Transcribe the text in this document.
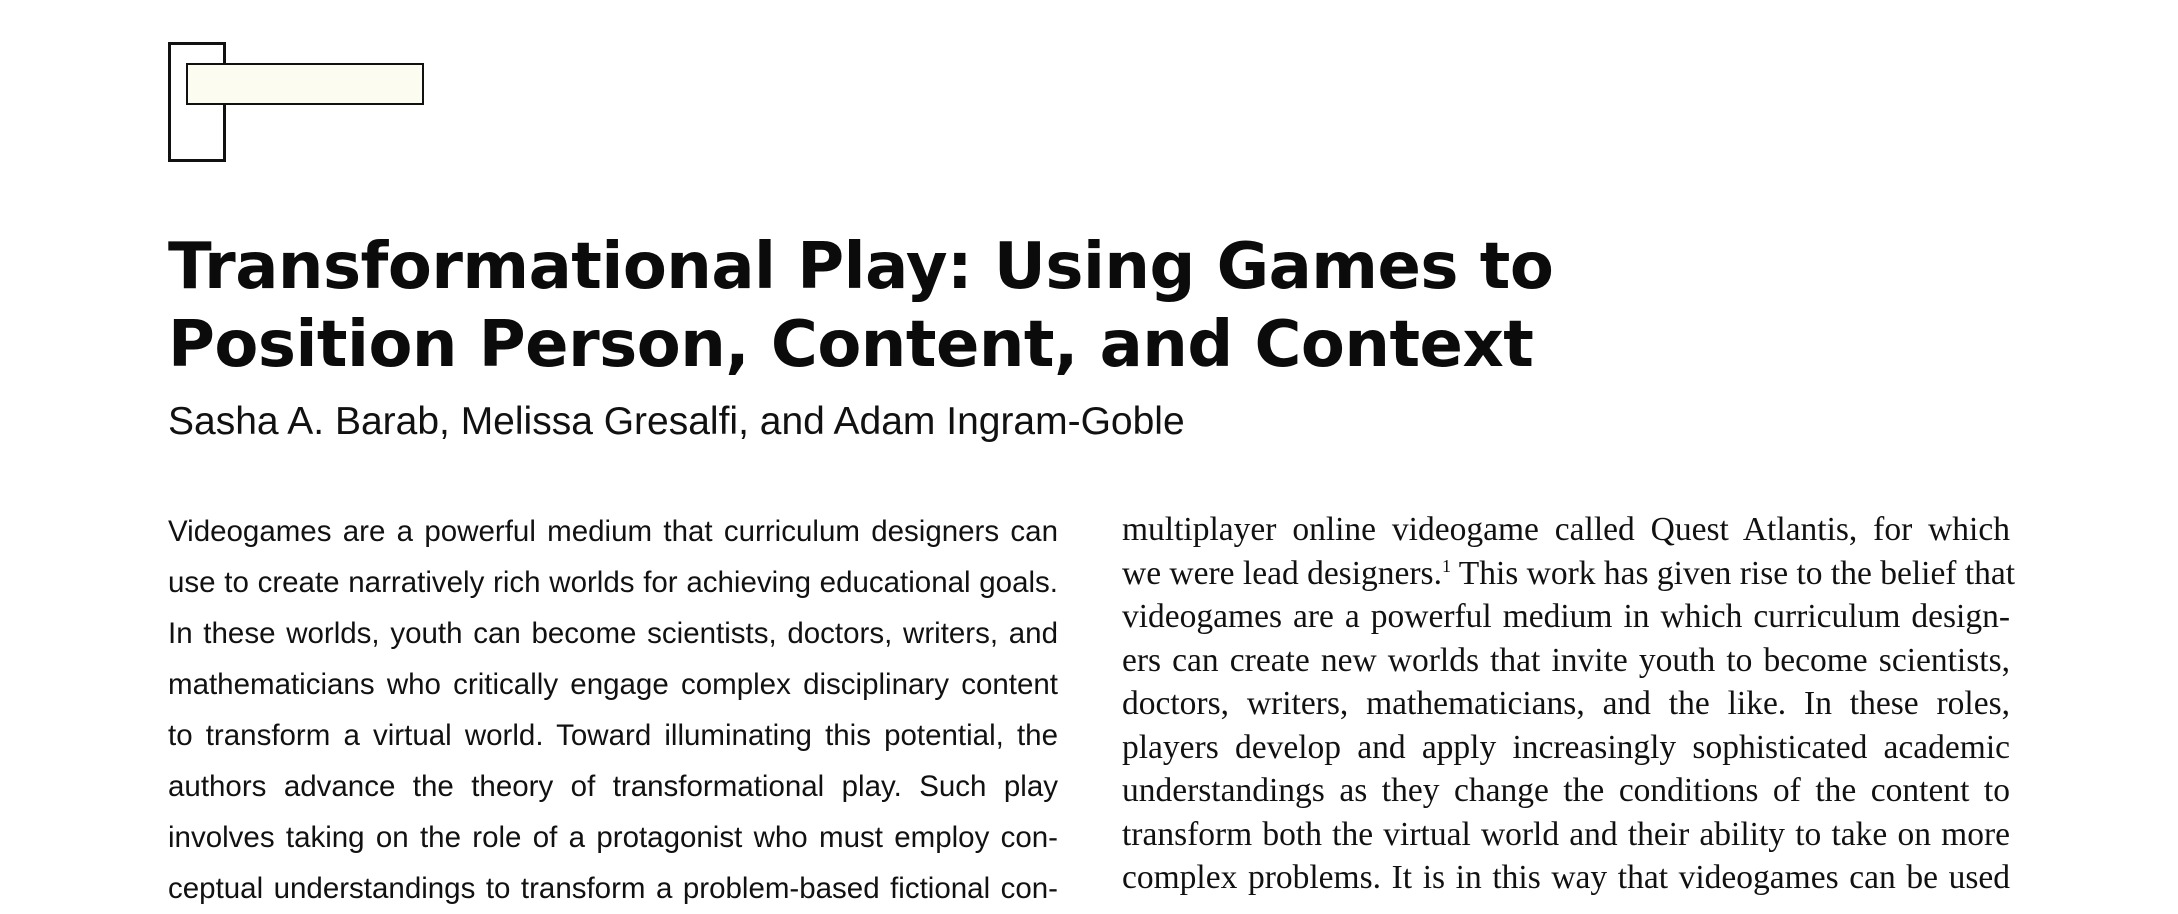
Transformational Play: Using Games to
Position Person, Content, and Context
Sasha A. Barab, Melissa Gresalfi, and Adam Ingram-Goble
Videogames are a powerful medium that curriculum designers can
use to create narratively rich worlds for achieving educational goals.
In these worlds, youth can become scientists, doctors, writers, and
mathematicians who critically engage complex disciplinary content
to transform a virtual world. Toward illuminating this potential, the
authors advance the theory of transformational play. Such play
involves taking on the role of a protagonist who must employ con-
ceptual understandings to transform a problem-based fictional con-
multiplayer online videogame called Quest Atlantis, for which
we were lead designers.$^1$ This work has given rise to the belief that
videogames are a powerful medium in which curriculum design-
ers can create new worlds that invite youth to become scientists,
doctors, writers, mathematicians, and the like. In these roles,
players develop and apply increasingly sophisticated academic
understandings as they change the conditions of the content to
transform both the virtual world and their ability to take on more
complex problems. It is in this way that videogames can be used
